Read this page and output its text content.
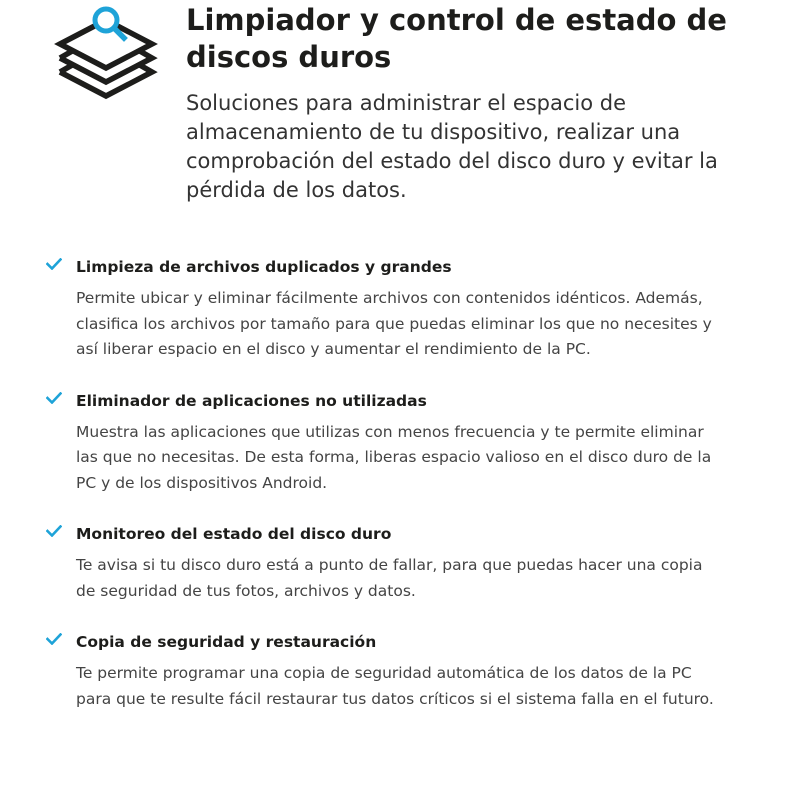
Limpiador y control de estado de discos duros

Soluciones para administrar el espacio de almacenamiento de tu dispositivo, realizar una comprobación del estado del disco duro y evitar la pérdida de los datos.

Limpieza de archivos duplicados y grandes

Permite ubicar y eliminar fácilmente archivos con contenidos idénticos. Además, clasifica los archivos por tamaño para que puedas eliminar los que no necesites y así liberar espacio en el disco y aumentar el rendimiento de la PC.

Eliminador de aplicaciones no utilizadas

Muestra las aplicaciones que utilizas con menos frecuencia y te permite eliminar las que no necesitas. De esta forma, liberas espacio valioso en el disco duro de la PC y de los dispositivos Android.

Monitoreo del estado del disco duro

Te avisa si tu disco duro está a punto de fallar, para que puedas hacer una copia de seguridad de tus fotos, archivos y datos.

Copia de seguridad y restauración

Te permite programar una copia de seguridad automática de los datos de la PC para que te resulte fácil restaurar tus datos críticos si el sistema falla en el futuro.
